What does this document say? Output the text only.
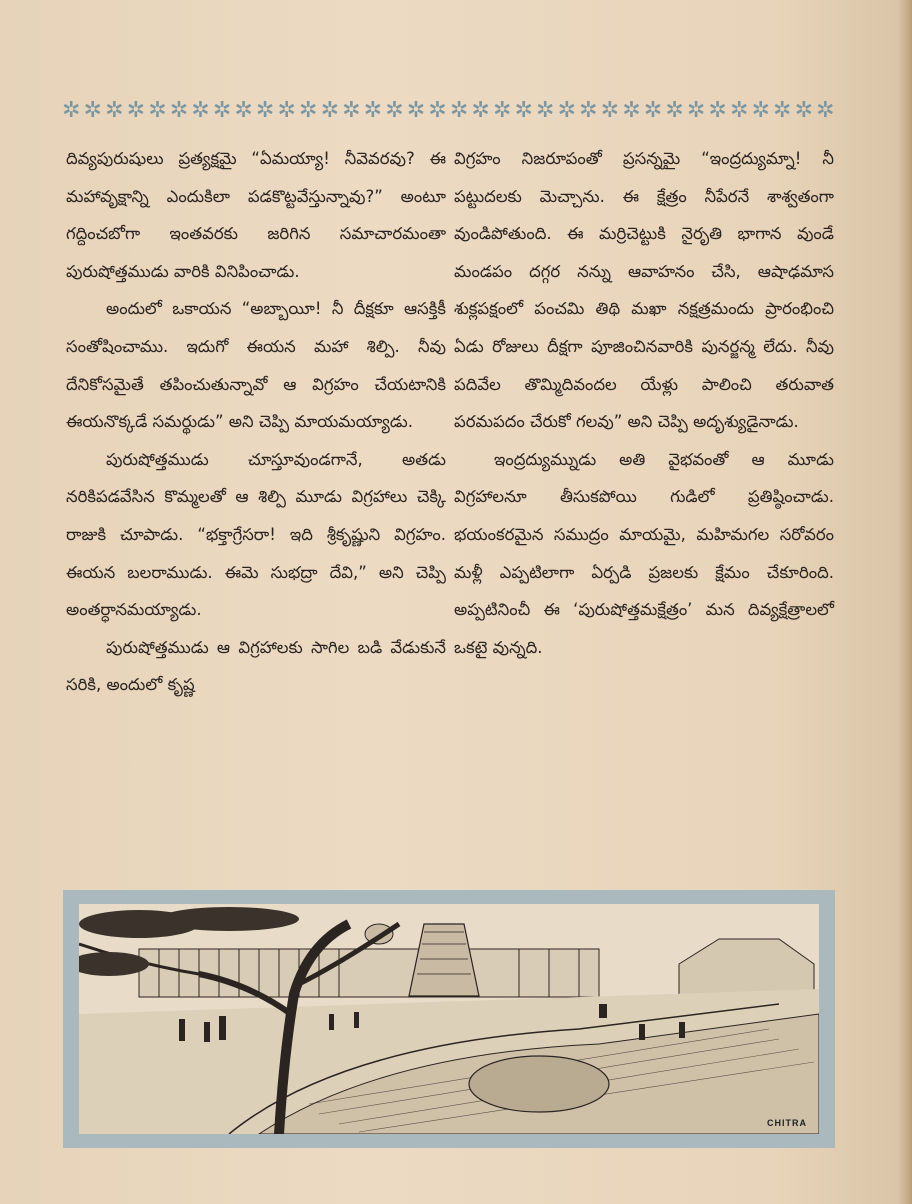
✲ ✲ ✲ ✲ ✲ ✲ ✲ ✲ ✲ ✲ ✲ ✲ ✲ ✲ ✲ ✲ ✲ ✲ ✲ ✲ ✲ ✲ ✲ ✲ ✲ ✲ ✲ ✲ ✲ ✲ ✲ ✲ ✲ ✲ ✲ ✲

దివ్యపురుషులు ప్రత్యక్షమై “ఏమయ్యా! నీవెవరవు? ఈ మహావృక్షాన్ని ఎందుకిలా పడకొట్టవేస్తున్నావు?” అంటూ గద్దించబోగా ఇంతవరకు జరిగిన సమాచారమంతా పురుషోత్తముడు వారికి వినిపించాడు.

అందులో ఒకాయన “అబ్బాయీ! నీ దీక్షకూ ఆసక్తికీ సంతోషించాము. ఇదుగో ఈయన మహా శిల్పి. నీవు దేనికోసమైతే తపించుతున్నావో ఆ విగ్రహం చేయటానికి ఈయనొక్కడే సమర్థుడు” అని చెప్పి మాయమయ్యాడు.

పురుషోత్తముడు చూస్తూవుండగానే, అతడు నరికిపడవేసిన కొమ్మలతో ఆ శిల్పి మూడు విగ్రహాలు చెక్కి రాజుకి చూపాడు. “భక్తాగ్రేసరా! ఇది శ్రీకృష్ణుని విగ్రహం. ఈయన బలరాముడు. ఈమె సుభద్రా దేవి,” అని చెప్పి అంతర్ధానమయ్యాడు.

పురుషోత్తముడు ఆ విగ్రహాలకు సాగిల బడి వేడుకునే సరికి, అందులో కృష్ణ

విగ్రహం నిజరూపంతో ప్రసన్నమై “ఇంద్రద్యుమ్నా! నీ పట్టుదలకు మెచ్చాను. ఈ క్షేత్రం నీపేరనే శాశ్వతంగా వుండిపోతుంది. ఈ మర్రిచెట్టుకి నైరృతి భాగాన వుండే మండపం దగ్గర నన్ను ఆవాహనం చేసి, ఆషాఢమాస శుక్లపక్షంలో పంచమి తిథి మఖా నక్షత్రమందు ప్రారంభించి ఏడు రోజులు దీక్షగా పూజించినవారికి పునర్జన్మ లేదు. నీవు పదివేల తొమ్మిదివందల యేళ్లు పాలించి తరువాత పరమపదం చేరుకో గలవు” అని చెప్పి అదృశ్యుడైనాడు.

ఇంద్రద్యుమ్నుడు అతి వైభవంతో ఆ మూడు విగ్రహాలనూ తీసుకపోయి గుడిలో ప్రతిష్ఠించాడు. భయంకరమైన సముద్రం మాయమై, మహిమగల సరోవరం మళ్లీ ఎప్పటిలాగా ఏర్పడి ప్రజలకు క్షేమం చేకూరింది. అప్పటినించీ ఈ ‘పురుషోత్తమక్షేత్రం’ మన దివ్యక్షేత్రాలలో ఒకటై వున్నది.

CHITRA
